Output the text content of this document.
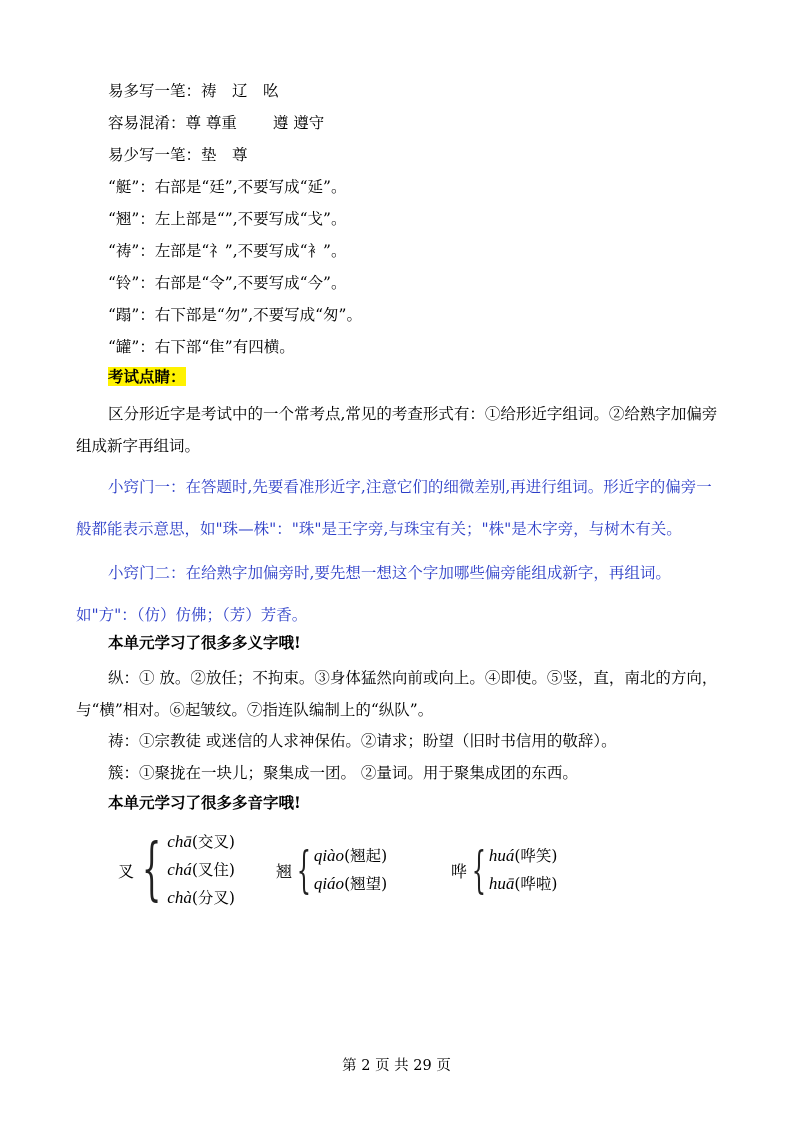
易多写一笔：祷　辽　吆
容易混淆：尊 尊重　　 遵 遵守
易少写一笔：垫　尊
“艇”：右部是“廷”,不要写成“延”。
“翘”：左上部是“”,不要写成“戈”。
“祷”：左部是“礻”,不要写成“衤”。
“铃”：右部是“令”,不要写成“今”。
“蹋”：右下部是“勿”,不要写成“匆”。
“罐”：右下部“隹”有四横。
考试点睛：
区分形近字是考试中的一个常考点,常见的考查形式有：①给形近字组词。②给熟字加偏旁组成新字再组词。
小窍门一：在答题时,先要看准形近字,注意它们的细微差别,再进行组词。形近字的偏旁一般都能表示意思，如"珠—株"："珠"是王字旁,与珠宝有关；"株"是木字旁，与树木有关。
小窍门二：在给熟字加偏旁时,要先想一想这个字加哪些偏旁能组成新字，再组词。如"方"：（仿）仿佛；（芳）芳香。
本单元学习了很多多义字哦!
纵：① 放。②放任；不拘束。③身体猛然向前或向上。④即使。⑤竖，直，南北的方向，与“横”相对。⑥起皱纹。⑦指连队编制上的“纵队”。
祷：①宗教徒 或迷信的人求神保佑。②请求；盼望（旧时书信用的敬辞）。
簇：①聚拢在一块儿；聚集成一团。 ②量词。用于聚集成团的东西。
本单元学习了很多多音字哦!
叉 { chā(交叉)
chá(叉住)
chà(分叉)
翘 { qiào(翘起)
qiáo(翘望)
哗 { huá(哗笑)
huā(哗啦)
第 2 页 共 29 页
